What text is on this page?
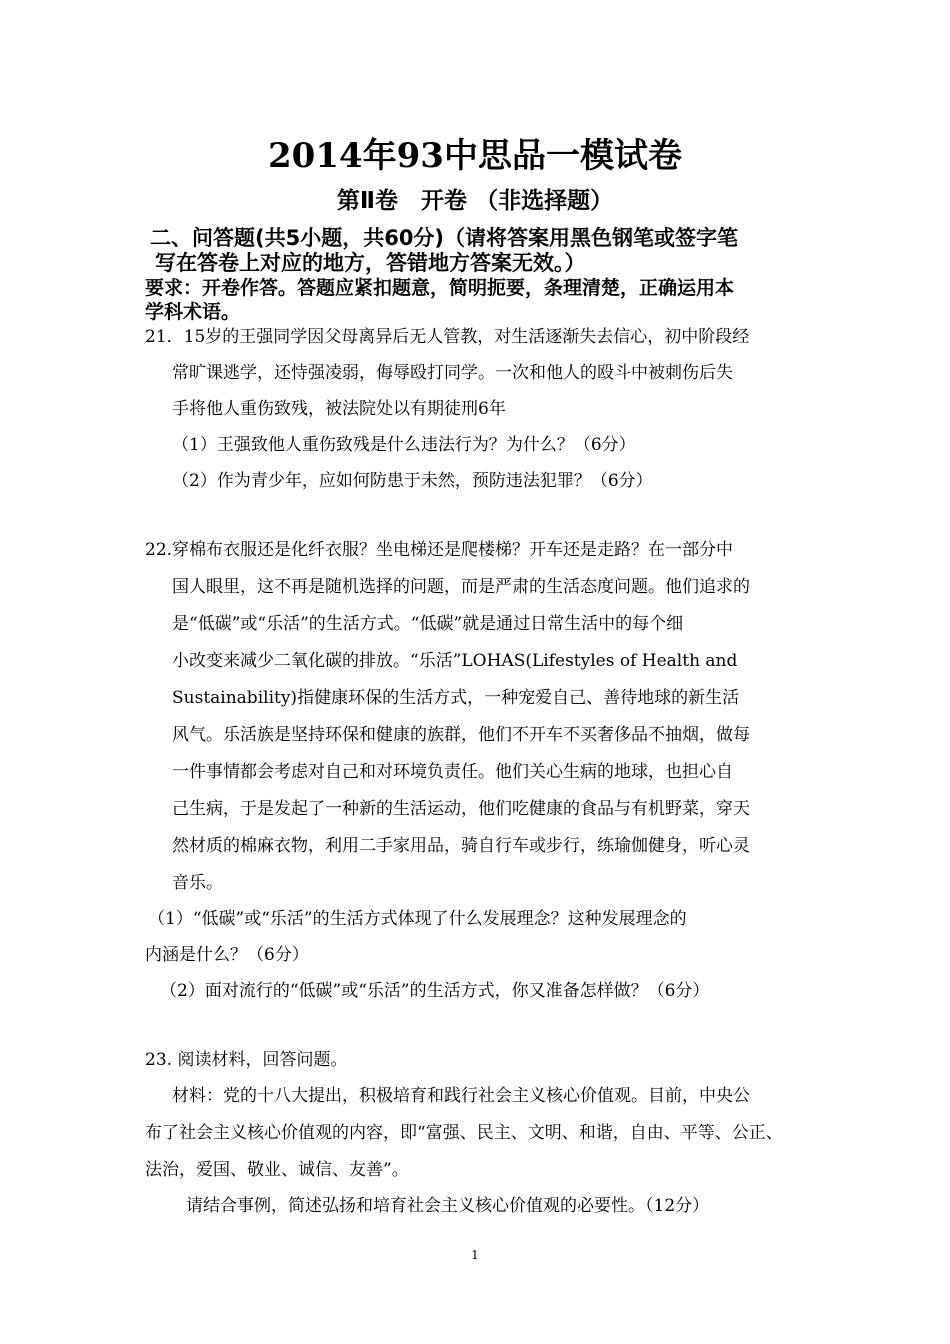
2014年93中思品一模试卷
第Ⅱ卷　开卷 （非选择题）
二、问答题(共5小题，共60分)（请将答案用黑色钢笔或签字笔
写在答卷上对应的地方，答错地方答案无效。）
要求：开卷作答。答题应紧扣题意，简明扼要，条理清楚，正确运用本
学科术语。
21．15岁的王强同学因父母离异后无人管教，对生活逐渐失去信心，初中阶段经
常旷课逃学，还恃强凌弱，侮辱殴打同学。一次和他人的殴斗中被刺伤后失
手将他人重伤致残，被法院处以有期徒刑6年
（1）王强致他人重伤致残是什么违法行为？为什么？（6分）
（2）作为青少年，应如何防患于未然，预防违法犯罪？（6分）
22.穿棉布衣服还是化纤衣服？坐电梯还是爬楼梯？开车还是走路？在一部分中
国人眼里，这不再是随机选择的问题，而是严肃的生活态度问题。他们追求的
是“低碳”或“乐活”的生活方式。“低碳”就是通过日常生活中的每个细
小改变来减少二氧化碳的排放。“乐活”LOHAS(Lifestyles of Health and
Sustainability)指健康环保的生活方式，一种宠爱自己、善待地球的新生活
风气。乐活族是坚持环保和健康的族群，他们不开车不买奢侈品不抽烟，做每
一件事情都会考虑对自己和对环境负责任。他们关心生病的地球，也担心自
己生病，于是发起了一种新的生活运动，他们吃健康的食品与有机野菜，穿天
然材质的棉麻衣物，利用二手家用品，骑自行车或步行，练瑜伽健身，听心灵
音乐。
（1）“低碳”或“乐活”的生活方式体现了什么发展理念？这种发展理念的
内涵是什么？（6分）
（2）面对流行的“低碳”或“乐活”的生活方式，你又准备怎样做？（6分）
23. 阅读材料，回答问题。
材料：党的十八大提出，积极培育和践行社会主义核心价值观。目前，中央公
布了社会主义核心价值观的内容，即“富强、民主、文明、和谐，自由、平等、公正、
法治，爱国、敬业、诚信、友善”。
请结合事例，简述弘扬和培育社会主义核心价值观的必要性。（12分）
1
